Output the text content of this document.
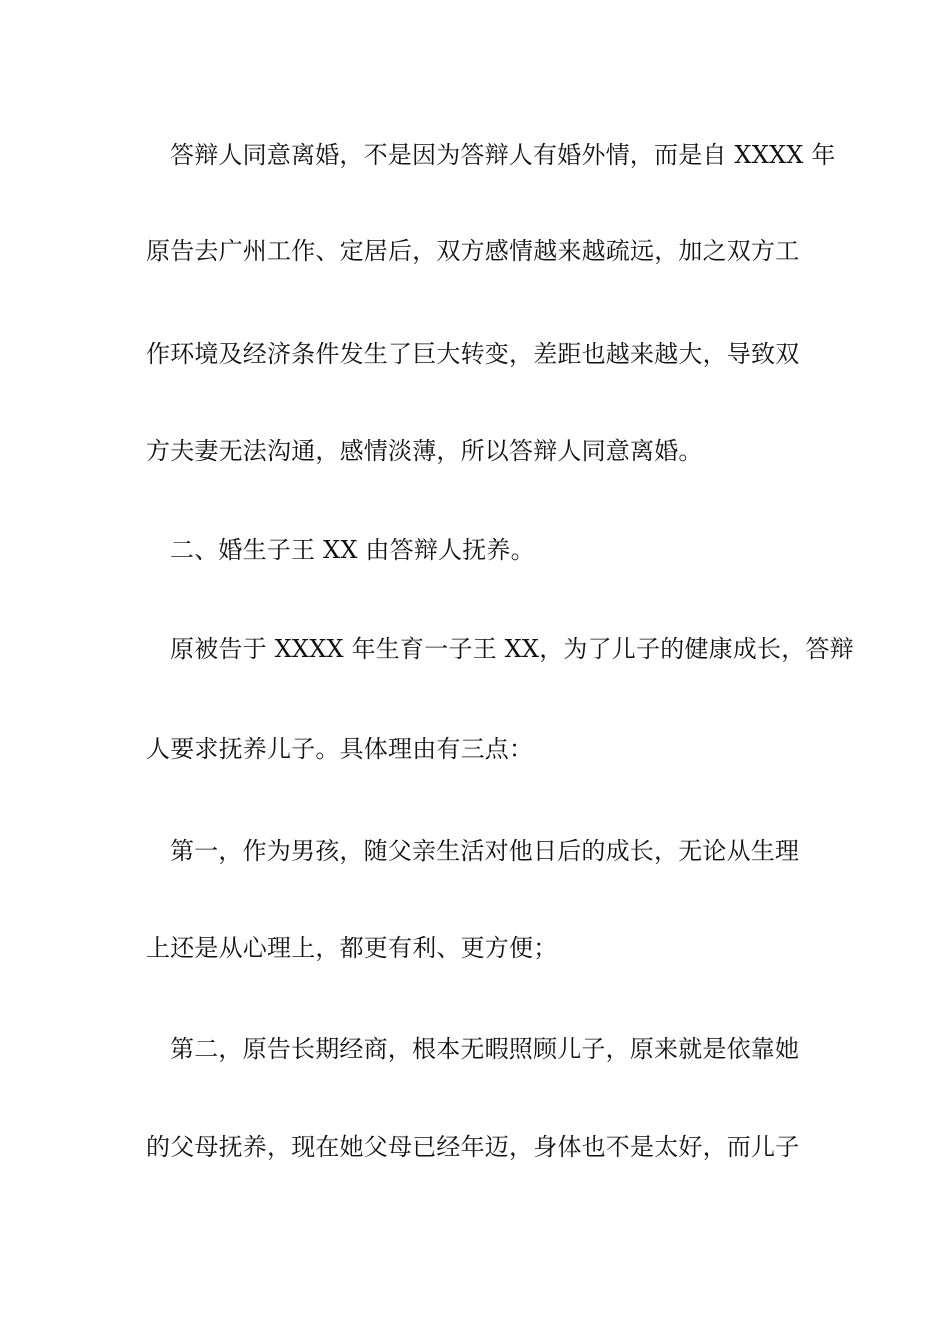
答辩人同意离婚，不是因为答辩人有婚外情，而是自 XXXX 年
原告去广州工作、定居后，双方感情越来越疏远，加之双方工
作环境及经济条件发生了巨大转变，差距也越来越大，导致双
方夫妻无法沟通，感情淡薄，所以答辩人同意离婚。
二、婚生子王 XX 由答辩人抚养。
原被告于 XXXX 年生育一子王 XX，为了儿子的健康成长，答辩
人要求抚养儿子。具体理由有三点：
第一，作为男孩，随父亲生活对他日后的成长，无论从生理
上还是从心理上，都更有利、更方便；
第二，原告长期经商，根本无暇照顾儿子，原来就是依靠她
的父母抚养，现在她父母已经年迈，身体也不是太好，而儿子
